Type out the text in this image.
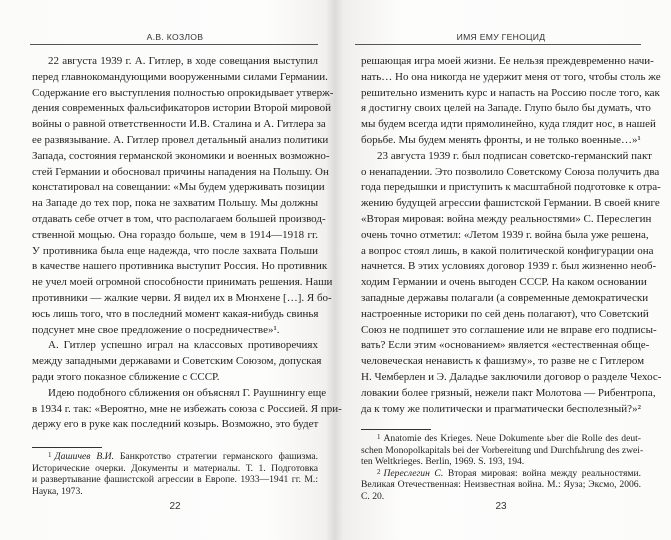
А.В. КОЗЛОВ
22 августа 1939 г. А. Гитлер, в ходе совещания выступил
перед главнокомандующими вооруженными силами Германии.
Содержание его выступления полностью опрокидывает утверж-
дения современных фальсификаторов истории Второй мировой
войны о равной ответственности И.В. Сталина и А. Гитлера за
ее развязывание. А. Гитлер провел детальный анализ политики
Запада, состояния германской экономики и военных возможно-
стей Германии и обосновал причины нападения на Польшу. Он
констатировал на совещании: «Мы будем удерживать позиции
на Западе до тех пор, пока не захватим Польшу. Мы должны
отдавать себе отчет в том, что располагаем большей производ-
ственной мощью. Она гораздо больше, чем в 1914—1918 гг.
У противника была еще надежда, что после захвата Польши
в качестве нашего противника выступит Россия. Но противник
не учел моей огромной способности принимать решения. Наши
противники — жалкие черви. Я видел их в Мюнхене […]. Я бо-
юсь лишь того, что в последний момент какая-нибудь свинья
подсунет мне свое предложение о посредничестве»¹.
А. Гитлер успешно играл на классовых противоречиях
между западными державами и Советским Союзом, допуская
ради этого показное сближение с СССР.
Идею подобного сближения он объяснял Г. Раушнингу еще
в 1934 г. так: «Вероятно, мне не избежать союза с Россией. Я при-
держу его в руке как последний козырь. Возможно, это будет
$^1$ Дашичев В.И. Банкротство стратегии германского фашизма.
Исторические очерки. Документы и материалы. Т. 1. Подготовка
и развертывание фашистской агрессии в Европе. 1933—1941 гг. М.:
Наука, 1973.
22
ИМЯ ЕМУ ГЕНОЦИД
решающая игра моей жизни. Ее нельзя преждевременно начи-
нать… Но она никогда не удержит меня от того, чтобы столь же
решительно изменить курс и напасть на Россию после того, как
я достигну своих целей на Западе. Глупо было бы думать, что
мы будем всегда идти прямолинейно, куда глядит нос, в нашей
борьбе. Мы будем менять фронты, и не только военные…»¹
23 августа 1939 г. был подписан советско-германский пакт
о ненападении. Это позволило Советскому Союза получить два
года передышки и приступить к масштабной подготовке к отра-
жению будущей агрессии фашистской Германии. В своей книге
«Вторая мировая: война между реальностями» С. Переслегин
очень точно отметил: «Летом 1939 г. война была уже решена,
а вопрос стоял лишь, в какой политической конфигурации она
начнется. В этих условиях договор 1939 г. был жизненно необ-
ходим Германии и очень выгоден СССР. На каком основании
западные державы полагали (а современные демократически
настроенные историки по сей день полагают), что Советский
Союз не подпишет это соглашение или не вправе его подписы-
вать? Если этим «основанием» является «естественная обще-
человеческая ненависть к фашизму», то разве не с Гитлером
Н. Чемберлен и Э. Даладье заключили договор о разделе Чехос-
ловакии более грязный, нежели пакт Молотова — Рибентропа,
да к тому же политически и прагматически бесполезный?»²
$^1$ Anatomie des Krieges. Neue Dokumente ьber die Rolle des deut-
schen Monopolkapitals bei der Vorbereitung und Durchfьhrung des zwei-
ten Weltkrieges. Berlin, 1969. S. 193, 194.
$^2$ Переслегин С. Вторая мировая: война между реальностями.
Великая Отечественная: Неизвестная война. М.: Яуза; Эксмо, 2006.
С. 20.
23
